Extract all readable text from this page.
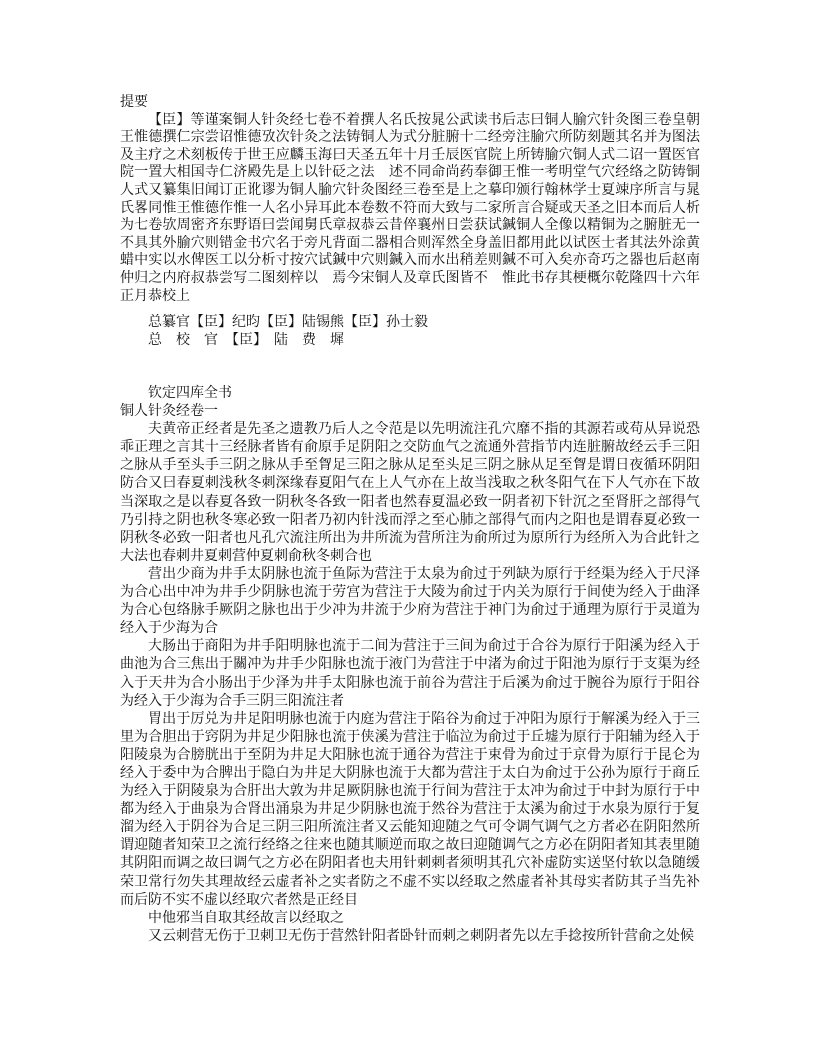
提要
【臣】等谨案铜人针灸经七卷不着撰人名氏按晁公武读书后志曰铜人腧穴针灸图三卷皇朝
王惟德撰仁宗尝诏惟德攷次针灸之法铸铜人为式分脏腑十二经旁注腧穴所防刻题其名并为图法
及主疗之术刻板传于世王应麟玉海曰天圣五年十月壬辰医官院上所铸腧穴铜人式二诏一置医官
院一置大相国寺仁济殿先是上以针砭之法　述不同命尚药奉御王惟一考明堂气穴经络之防铸铜
人式又纂集旧闻订正讹谬为铜人腧穴针灸图经三卷至是上之摹印颁行翰林学士夏竦序所言与晁
氏畧同惟王惟德作惟一人名小异耳此本卷数不符而大致与二家所言合疑或天圣之旧本而后人析
为七卷欤周密齐东野语曰尝闻舅氏章叔恭云昔倅襄州日尝获试鍼铜人全像以精铜为之腑脏无一
不具其外腧穴则错金书穴名于旁凡背面二器相合则浑然全身盖旧都用此以试医士者其法外涂黄
蜡中实以水俾医工以分析寸按穴试鍼中穴则鍼入而水出稍差则鍼不可入矣亦奇巧之器也后赵南
仲归之内府叔恭尝写二图刻梓以　焉今宋铜人及章氏图皆不　惟此书存其梗概尔乾隆四十六年
正月恭校上
总纂官【臣】纪昀【臣】陆锡熊【臣】孙士毅
总　校　官　【臣】　陆　费　墀
钦定四库全书
铜人针灸经卷一
夫黄帝正经者是先圣之遗教乃后人之令范是以先明流注孔穴靡不指的其源若或苟从异说恐
乖正理之言其十三经脉者皆有俞原手足阴阳之交防血气之流通外营指节内连脏腑故经云手三阳
之脉从手至头手三阴之脉从手至胷足三阳之脉从足至头足三阴之脉从足至胷是谓日夜循环阴阳
防合又曰春夏刺浅秋冬刺深缘春夏阳气在上人气亦在上故当浅取之秋冬阳气在下人气亦在下故
当深取之是以春夏各致一阴秋冬各致一阳者也然春夏温必致一阴者初下针沉之至肾肝之部得气
乃引持之阴也秋冬寒必致一阳者乃初内针浅而浮之至心肺之部得气而内之阳也是谓春夏必致一
阴秋冬必致一阳者也凡孔穴流注所出为井所流为营所注为俞所过为原所行为经所入为合此针之
大法也春刺井夏刺营仲夏刺俞秋冬刺合也
营出少商为井手太阴脉也流于鱼际为营注于太泉为俞过于列缺为原行于经渠为经入于尺泽
为合心出中冲为井手少阴脉也流于劳宫为营注于大陵为俞过于内关为原行于间使为经入于曲泽
为合心包络脉手厥阴之脉也出于少冲为井流于少府为营注于神门为俞过于通理为原行于灵道为
经入于少海为合
大肠出于商阳为井手阳明脉也流于二间为营注于三间为俞过于合谷为原行于阳溪为经入于
曲池为合三焦出于關冲为井手少阳脉也流于液门为营注于中渚为俞过于阳池为原行于支渠为经
入于天井为合小肠出于少泽为井手太阳脉也流于前谷为营注于后溪为俞过于腕谷为原行于阳谷
为经入于少海为合手三阴三阳流注者
胃出于厉兑为井足阳明脉也流于内庭为营注于陷谷为俞过于冲阳为原行于解溪为经入于三
里为合胆出于窍阴为井足少阳脉也流于侠溪为营注于临泣为俞过于丘墟为原行于阳辅为经入于
阳陵泉为合膀胱出于至阴为井足大阳脉也流于通谷为营注于束骨为俞过于京骨为原行于昆仑为
经入于委中为合脾出于隐白为井足大阴脉也流于大都为营注于太白为俞过于公孙为原行于商丘
为经入于阴陵泉为合肝出大敦为井足厥阴脉也流于行间为营注于太冲为俞过于中封为原行于中
都为经入于曲泉为合肾出涌泉为井足少阴脉也流于然谷为营注于太溪为俞过于水泉为原行于复
溜为经入于阴谷为合足三阴三阳所流注者又云能知迎随之气可令调气调气之方者必在阴阳然所
谓迎随者知荣卫之流行经络之往来也随其顺逆而取之故曰迎随调气之方必在阴阳者知其表里随
其阴阳而调之故曰调气之方必在阴阳者也夫用针刺刺者须明其孔穴补虚防实送坚付软以急随缓
荣卫常行勿失其理故经云虚者补之实者防之不虚不实以经取之然虚者补其母实者防其子当先补
而后防不实不虚以经取穴者然是正经目
中他邪当自取其经故言以经取之
又云刺营无伤于卫刺卫无伤于营然针阳者卧针而刺之刺阴者先以左手捻按所针营俞之处候
